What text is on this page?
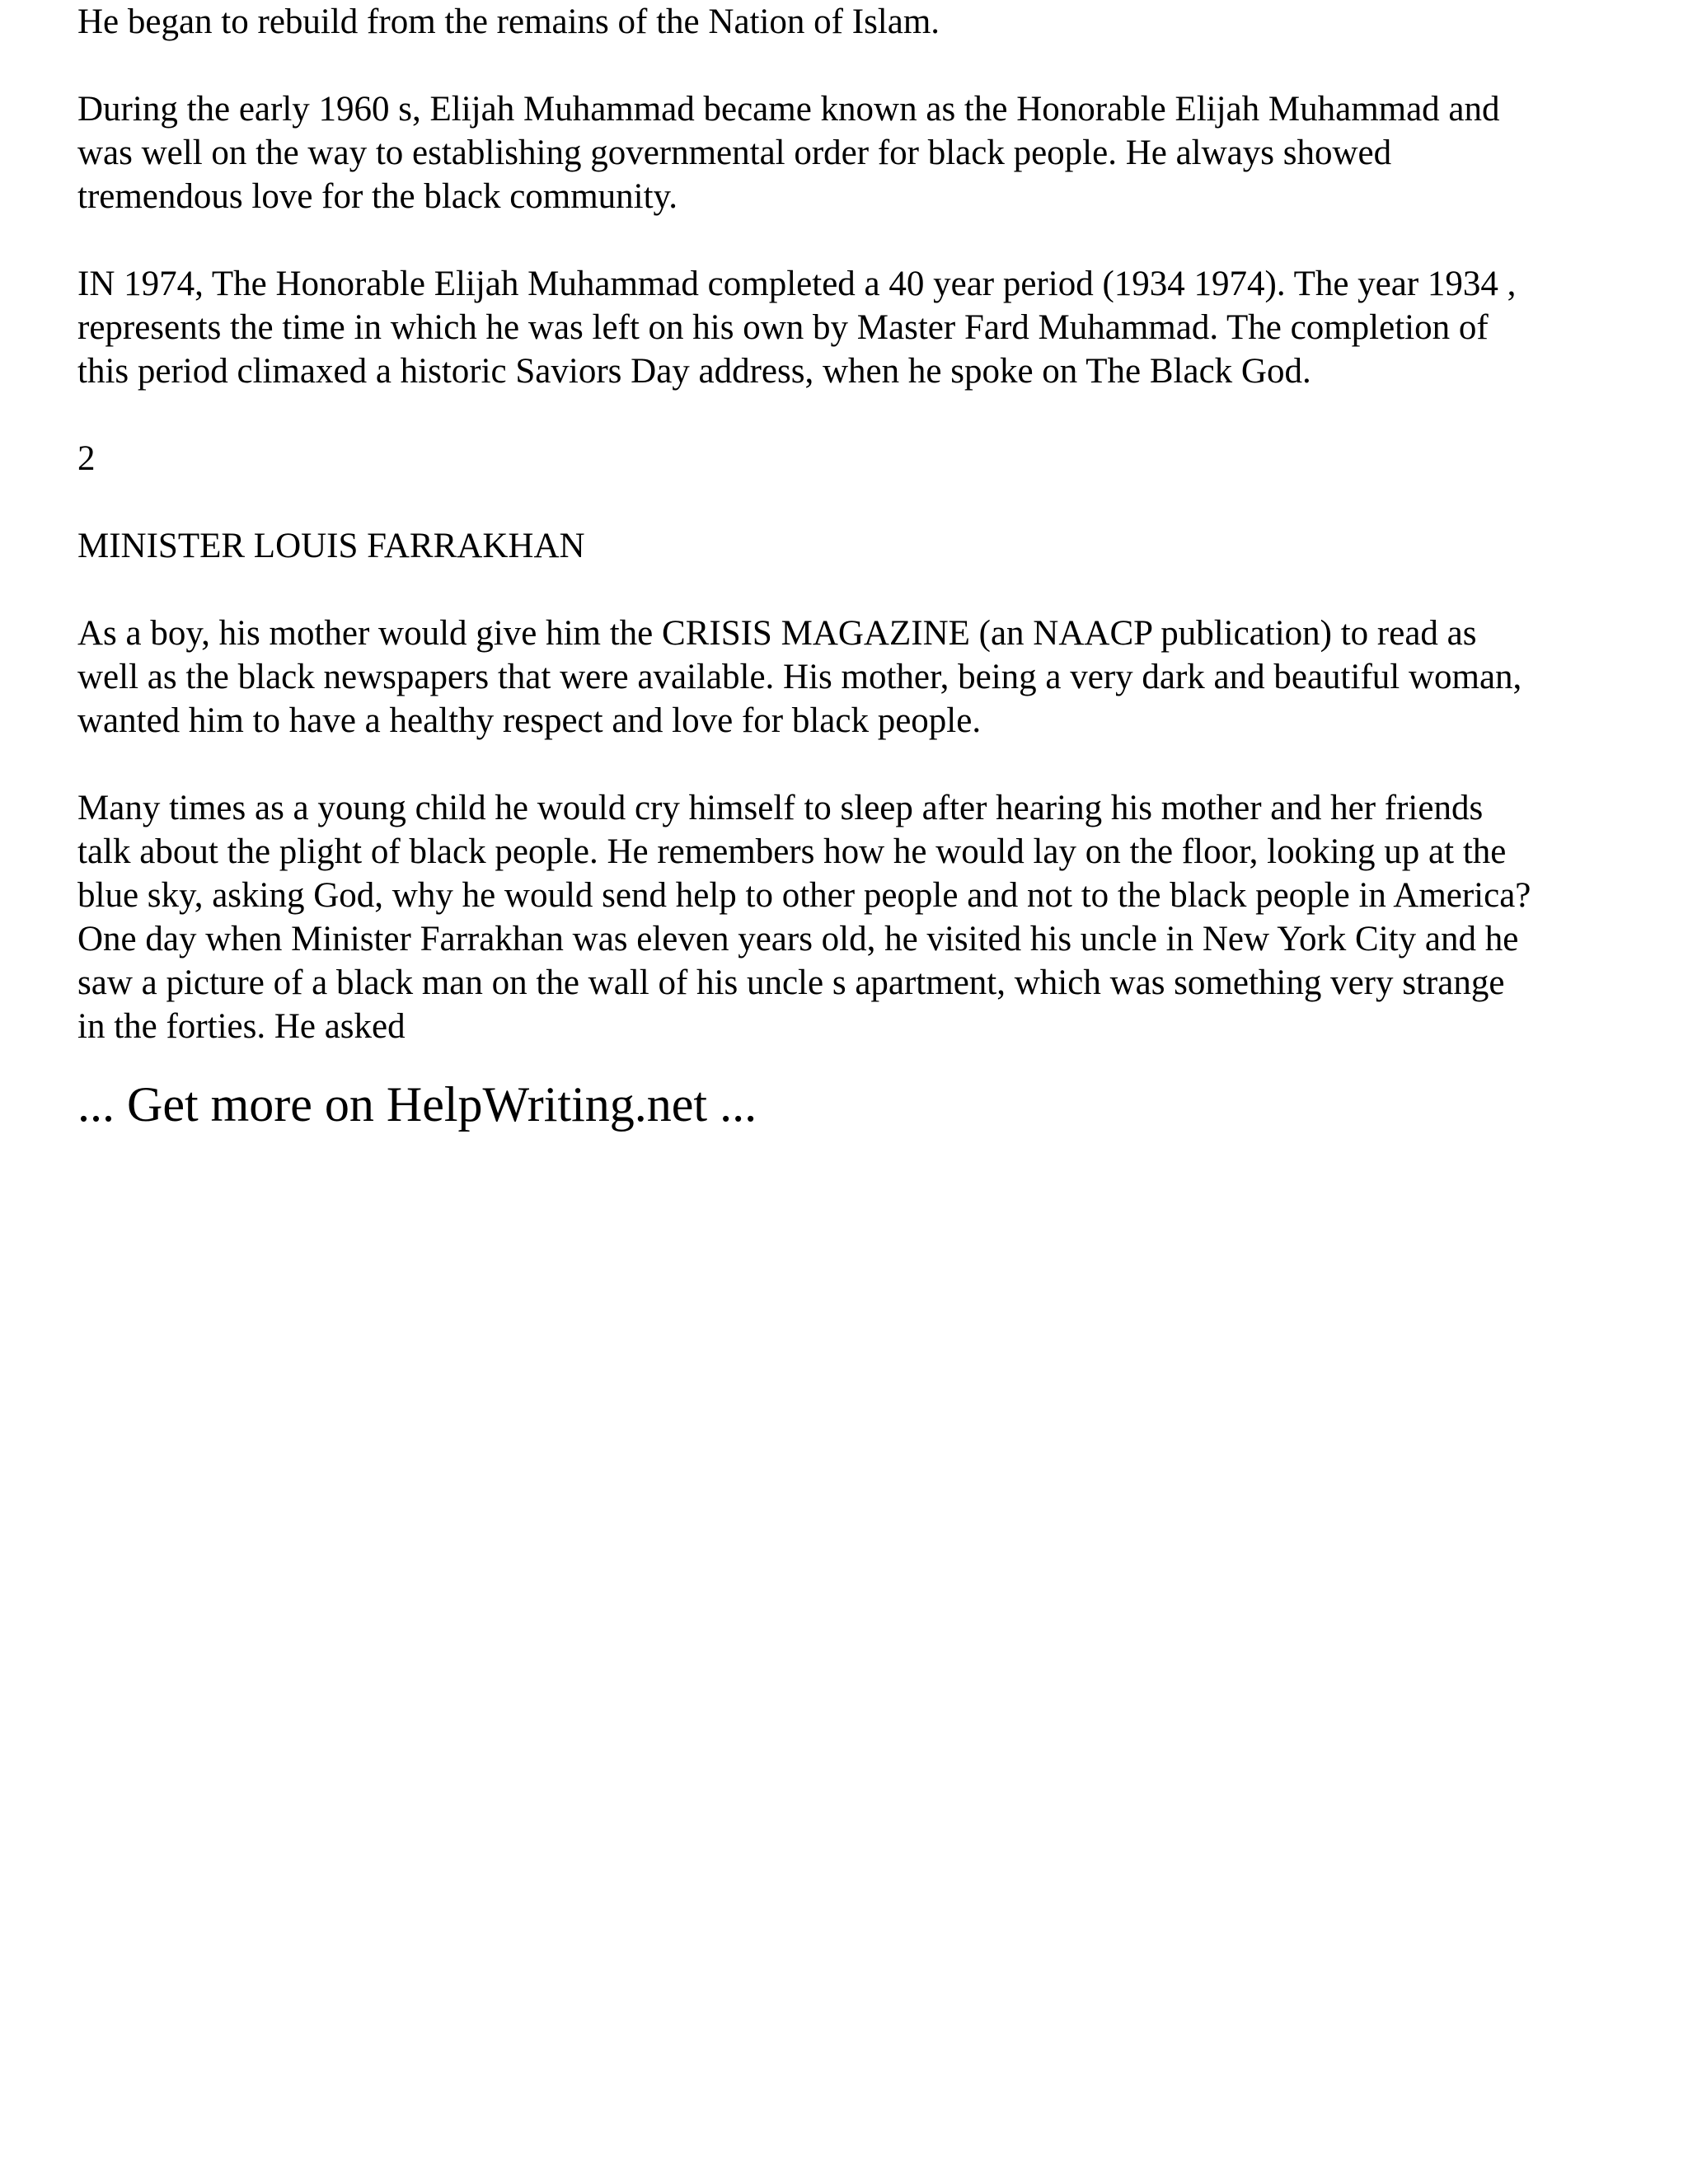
He began to rebuild from the remains of the Nation of Islam.
During the early 1960 s, Elijah Muhammad became known as the Honorable Elijah Muhammad and
was well on the way to establishing governmental order for black people. He always showed
tremendous love for the black community.
IN 1974, The Honorable Elijah Muhammad completed a 40 year period (1934 1974). The year 1934 ,
represents the time in which he was left on his own by Master Fard Muhammad. The completion of
this period climaxed a historic Saviors Day address, when he spoke on The Black God.
2
MINISTER LOUIS FARRAKHAN
As a boy, his mother would give him the CRISIS MAGAZINE (an NAACP publication) to read as
well as the black newspapers that were available. His mother, being a very dark and beautiful woman,
wanted him to have a healthy respect and love for black people.
Many times as a young child he would cry himself to sleep after hearing his mother and her friends
talk about the plight of black people. He remembers how he would lay on the floor, looking up at the
blue sky, asking God, why he would send help to other people and not to the black people in America?
One day when Minister Farrakhan was eleven years old, he visited his uncle in New York City and he
saw a picture of a black man on the wall of his uncle s apartment, which was something very strange
in the forties. He asked
... Get more on HelpWriting.net ...
